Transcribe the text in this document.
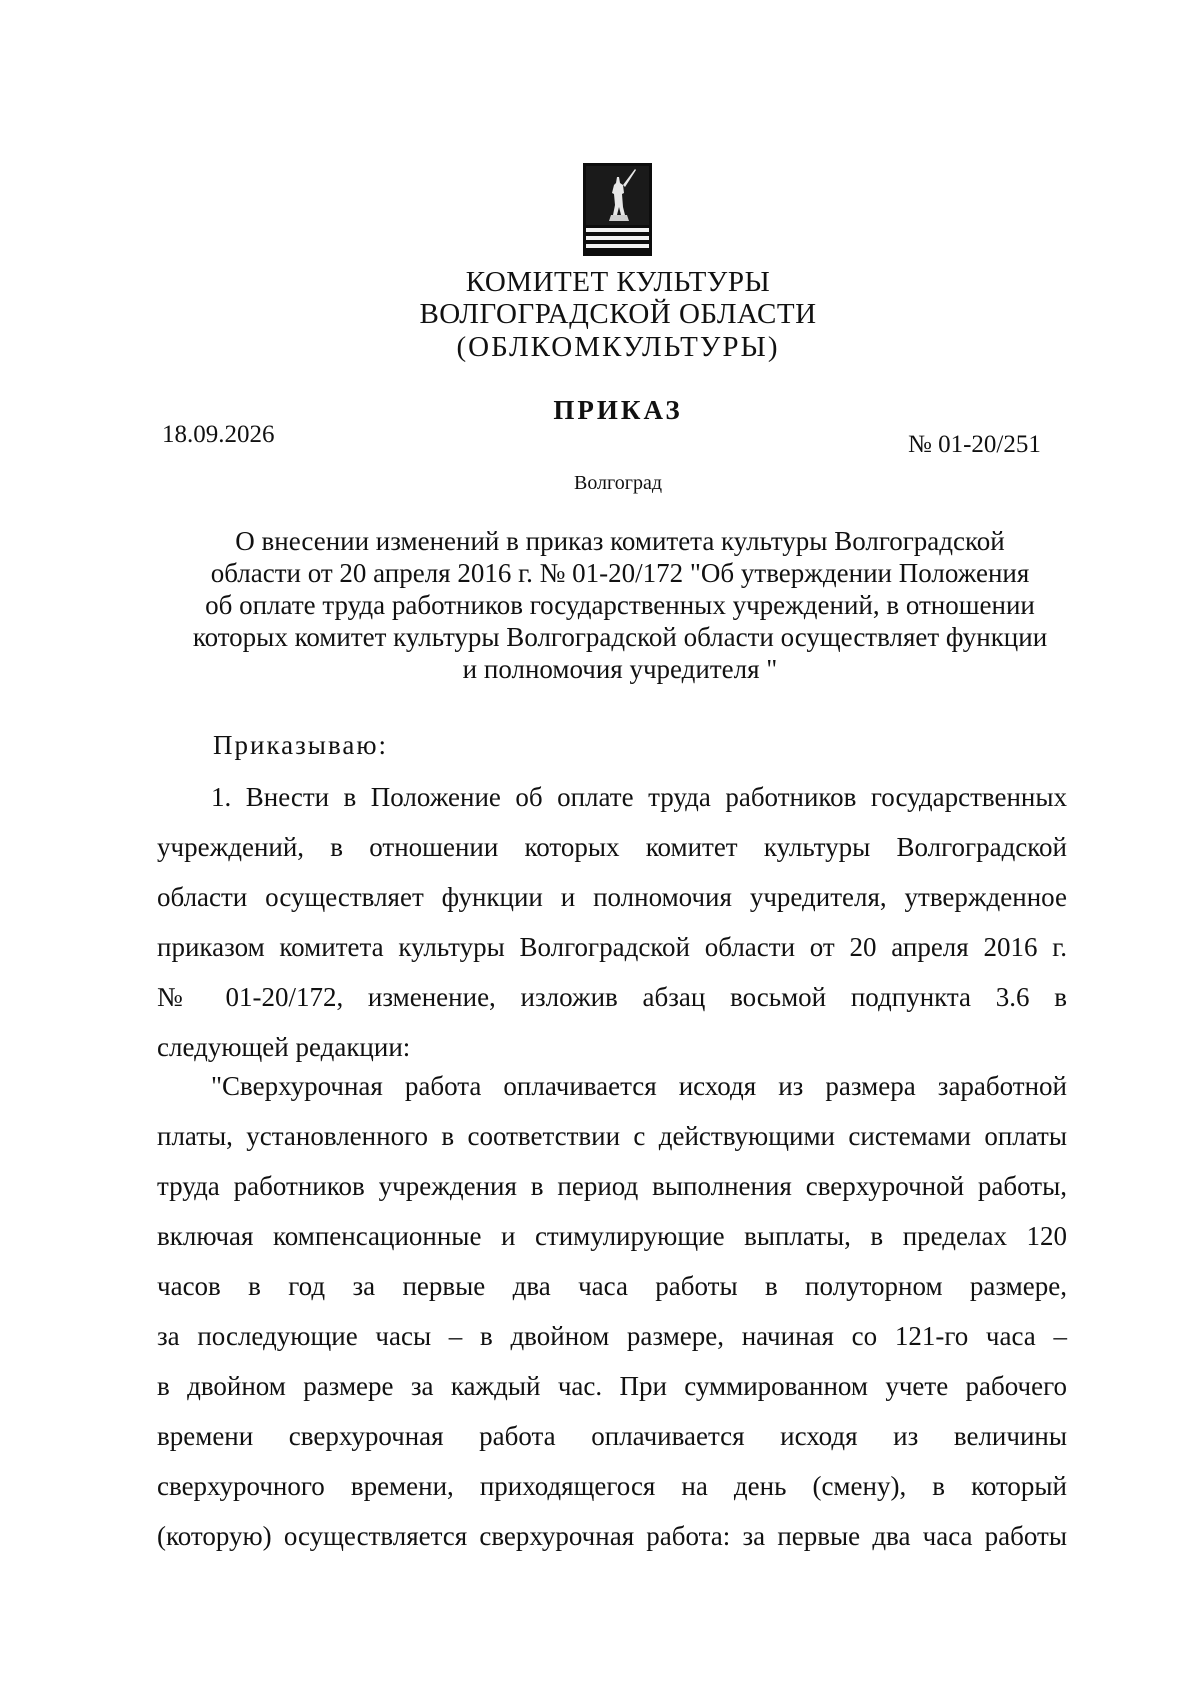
КОМИТЕТ КУЛЬТУРЫ
ВОЛГОГРАДСКОЙ ОБЛАСТИ
(ОБЛКОМКУЛЬТУРЫ)
ПРИКАЗ
18.09.2026	№ 01-20/251
Волгоград
О внесении изменений в приказ комитета культуры Волгоградской
области от 20 апреля 2016 г. № 01-20/172 "Об утверждении Положения
об оплате труда работников государственных учреждений, в отношении
которых комитет культуры Волгоградской области осуществляет функции
и полномочия учредителя "
Приказываю:
1. Внести в Положение об оплате труда работников государственных
учреждений, в отношении которых комитет культуры Волгоградской
области осуществляет функции и полномочия учредителя, утвержденное
приказом комитета культуры Волгоградской области от 20 апреля 2016 г.
№ 01-20/172, изменение, изложив абзац восьмой подпункта 3.6 в
следующей редакции:
"Сверхурочная работа оплачивается исходя из размера заработной
платы, установленного в соответствии с действующими системами оплаты
труда работников учреждения в период выполнения сверхурочной работы,
включая компенсационные и стимулирующие выплаты, в пределах 120
часов в год за первые два часа работы в полуторном размере,
за последующие часы – в двойном размере, начиная со 121-го часа –
в двойном размере за каждый час. При суммированном учете рабочего
времени сверхурочная работа оплачивается исходя из величины
сверхурочного времени, приходящегося на день (смену), в который
(которую) осуществляется сверхурочная работа: за первые два часа работы
